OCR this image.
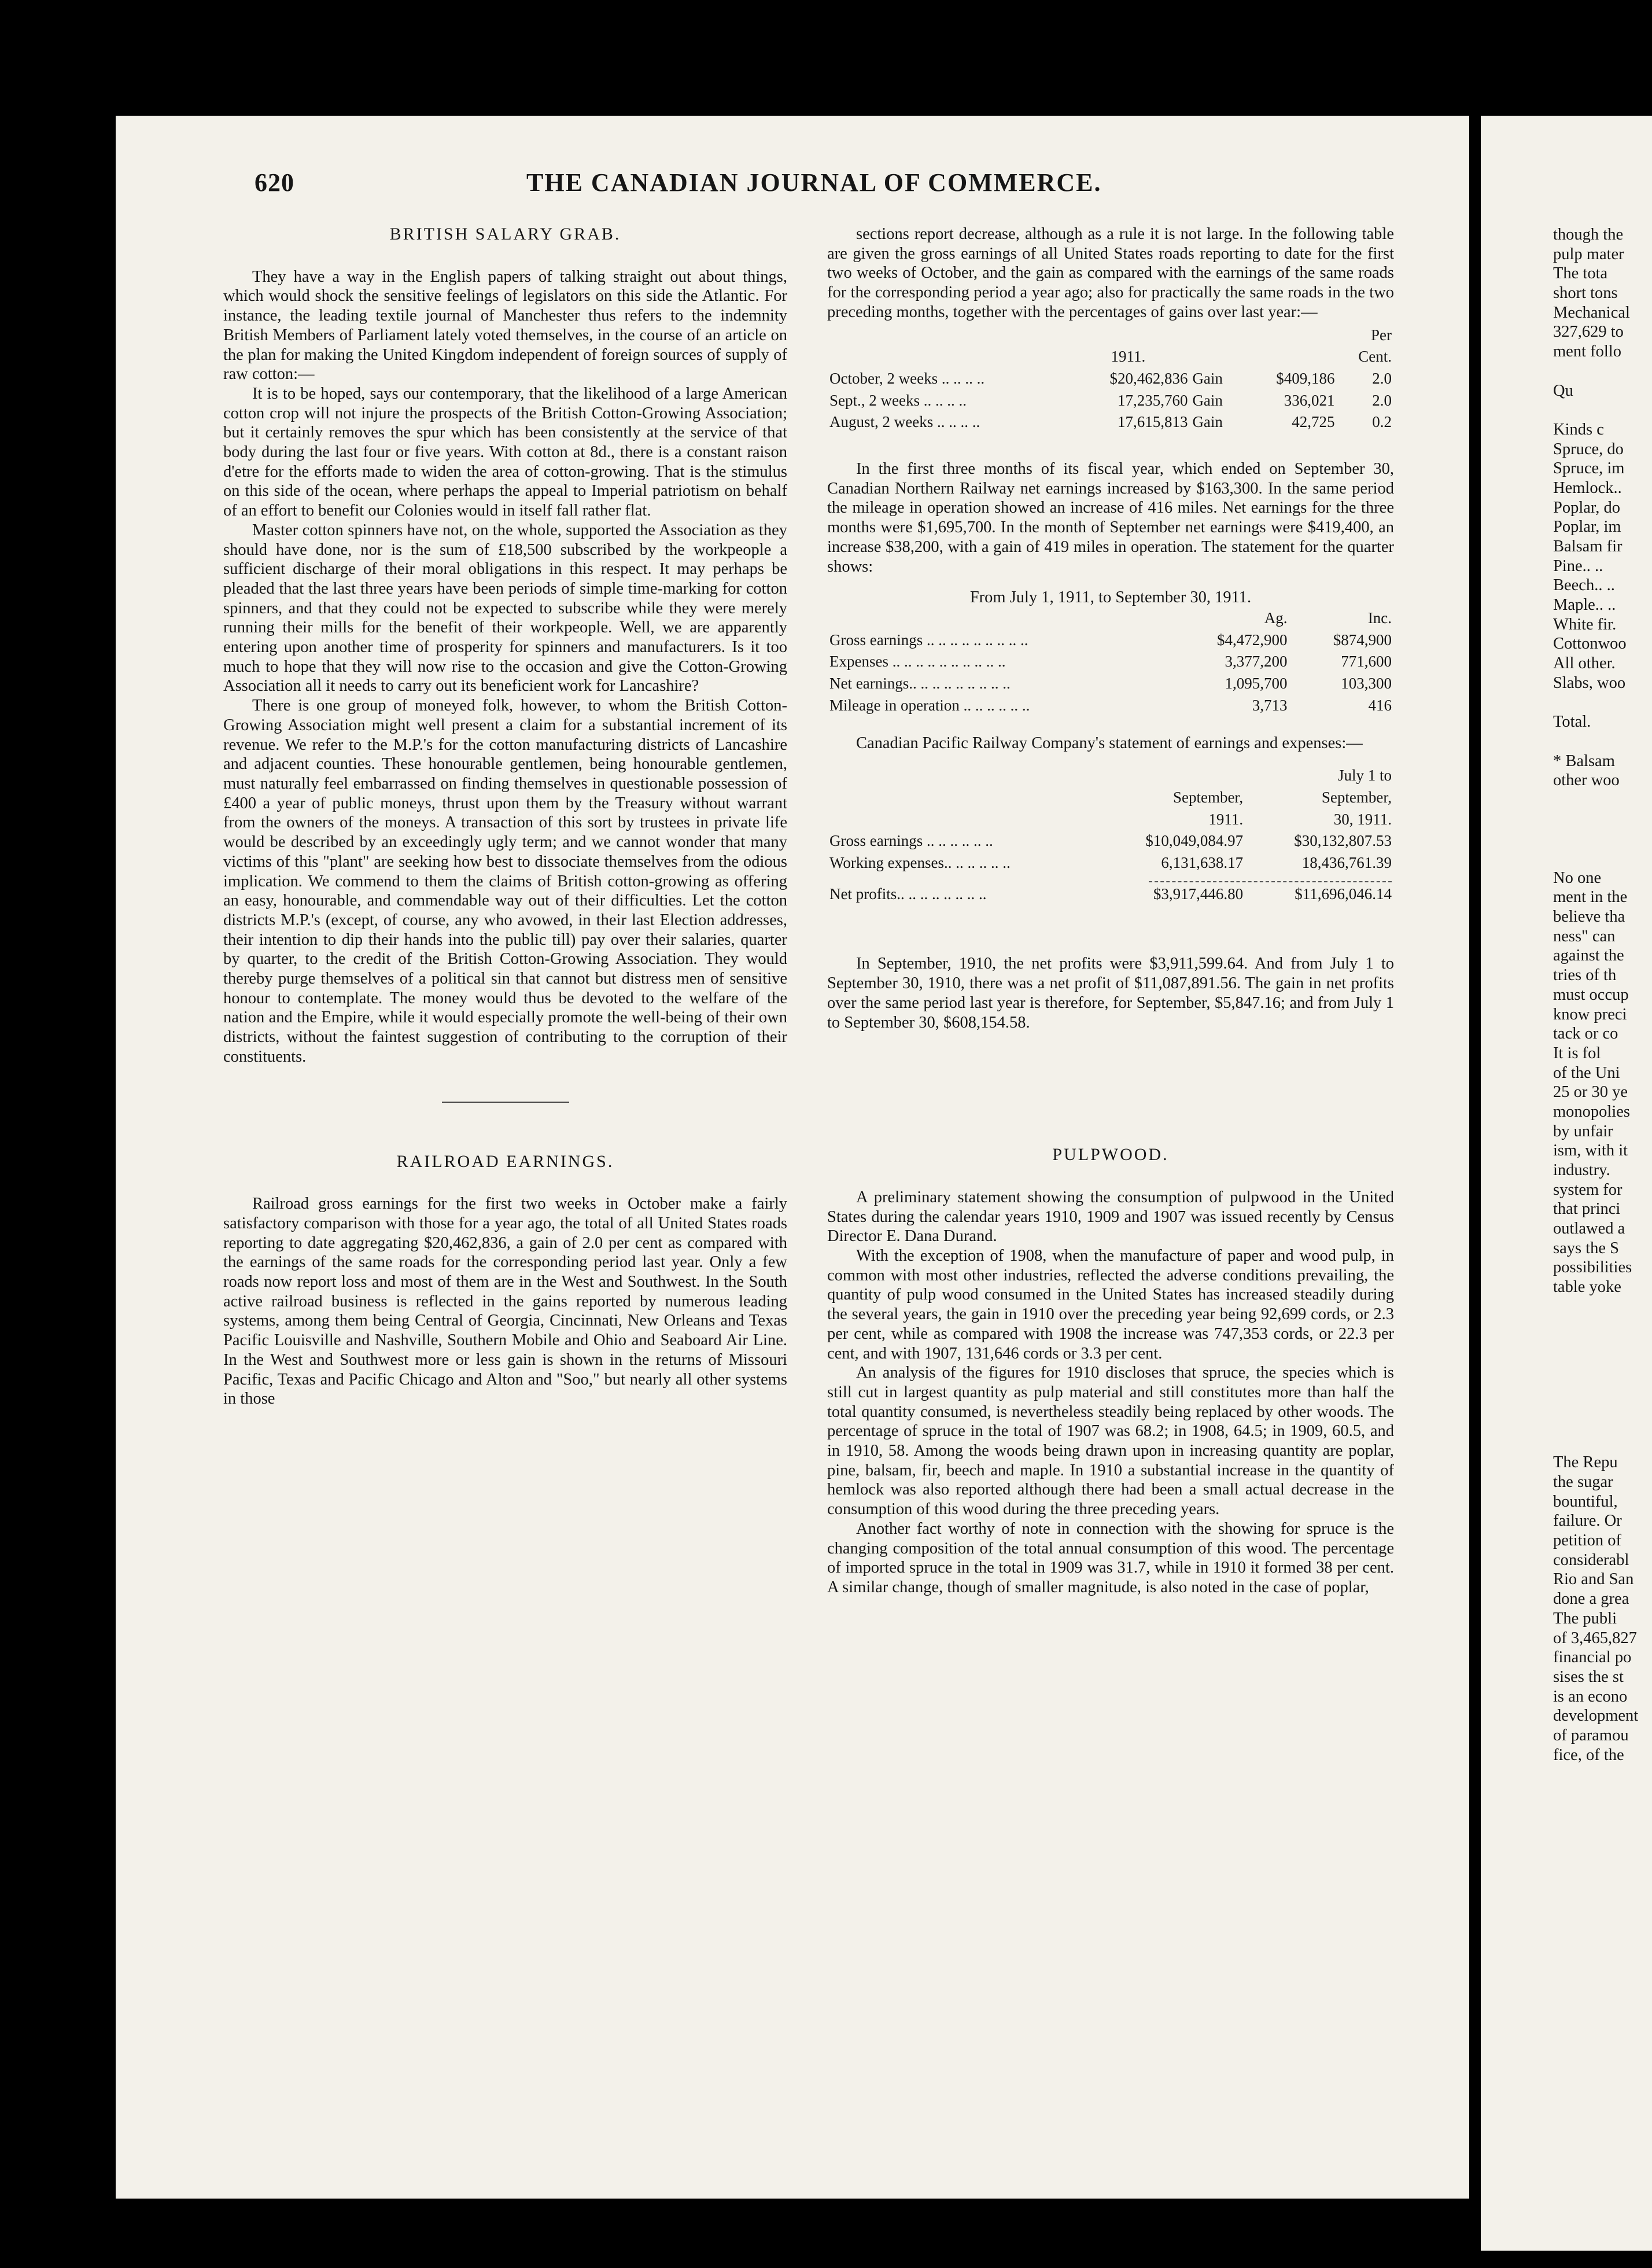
620	THE CANADIAN JOURNAL OF COMMERCE.
BRITISH SALARY GRAB.

They have a way in the English papers of talking straight out about things, which would shock the sensitive feelings of legislators on this side the Atlantic. For instance, the leading textile journal of Manchester thus refers to the indemnity British Members of Parliament lately voted themselves, in the course of an article on the plan for making the United Kingdom independent of foreign sources of supply of raw cotton:—

It is to be hoped, says our contemporary, that the likelihood of a large American cotton crop will not injure the prospects of the British Cotton-Growing Association; but it certainly removes the spur which has been consistently at the service of that body during the last four or five years. With cotton at 8d., there is a constant raison d'etre for the efforts made to widen the area of cotton-growing. That is the stimulus on this side of the ocean, where perhaps the appeal to Imperial patriotism on behalf of an effort to benefit our Colonies would in itself fall rather flat.

Master cotton spinners have not, on the whole, supported the Association as they should have done, nor is the sum of £18,500 subscribed by the workpeople a sufficient discharge of their moral obligations in this respect. It may perhaps be pleaded that the last three years have been periods of simple time-marking for cotton spinners, and that they could not be expected to subscribe while they were merely running their mills for the benefit of their workpeople. Well, we are apparently entering upon another time of prosperity for spinners and manufacturers. Is it too much to hope that they will now rise to the occasion and give the Cotton-Growing Association all it needs to carry out its beneficient work for Lancashire?

There is one group of moneyed folk, however, to whom the British Cotton-Growing Association might well present a claim for a substantial increment of its revenue. We refer to the M.P.'s for the cotton manufacturing districts of Lancashire and adjacent counties. These honourable gentlemen, being honourable gentlemen, must naturally feel embarrassed on finding themselves in questionable possession of £400 a year of public moneys, thrust upon them by the Treasury without warrant from the owners of the moneys. A transaction of this sort by trustees in private life would be described by an exceedingly ugly term; and we cannot wonder that many victims of this "plant" are seeking how best to dissociate themselves from the odious implication. We commend to them the claims of British cotton-growing as offering an easy, honourable, and commendable way out of their difficulties. Let the cotton districts M.P.'s (except, of course, any who avowed, in their last Election addresses, their intention to dip their hands into the public till) pay over their salaries, quarter by quarter, to the credit of the British Cotton-Growing Association. They would thereby purge themselves of a political sin that cannot but distress men of sensitive honour to contemplate. The money would thus be devoted to the welfare of the nation and the Empire, while it would especially promote the well-being of their own districts, without the faintest suggestion of contributing to the corruption of their constituents.

RAILROAD EARNINGS.

Railroad gross earnings for the first two weeks in October make a fairly satisfactory comparison with those for a year ago, the total of all United States roads reporting to date aggregating $20,462,836, a gain of 2.0 per cent as compared with the earnings of the same roads for the corresponding period last year. Only a few roads now report loss and most of them are in the West and Southwest. In the South active railroad business is reflected in the gains reported by numerous leading systems, among them being Central of Georgia, Cincinnati, New Orleans and Texas Pacific Louisville and Nashville, Southern Mobile and Ohio and Seaboard Air Line. In the West and Southwest more or less gain is shown in the returns of Missouri Pacific, Texas and Pacific Chicago and Alton and "Soo," but nearly all other systems in those

sections report decrease, although as a rule it is not large. In the following table are given the gross earnings of all United States roads reporting to date for the first two weeks of October, and the gain as compared with the earnings of the same roads for the corresponding period a year ago; also for practically the same roads in the two preceding months, together with the percentages of gains over last year:—

				Per
	1911.			Cent.
October, 2 weeks .. .. .. ..	$20,462,836	Gain	$409,186	2.0
Sept., 2 weeks .. .. .. ..	17,235,760	Gain	336,021	2.0
August, 2 weeks .. .. .. ..	17,615,813	Gain	42,725	0.2

In the first three months of its fiscal year, which ended on September 30, Canadian Northern Railway net earnings increased by $163,300. In the same period the mileage in operation showed an increase of 416 miles. Net earnings for the three months were $1,695,700. In the month of September net earnings were $419,400, an increase $38,200, with a gain of 419 miles in operation. The statement for the quarter shows:

From July 1, 1911, to September 30, 1911.
	Ag.	Inc.
Gross earnings .. .. .. .. .. .. .. .. ..	$4,472,900	$874,900
Expenses .. .. .. .. .. .. .. .. .. ..	3,377,200	771,600
Net earnings.. .. .. .. .. .. .. .. ..	1,095,700	103,300
Mileage in operation .. .. .. .. .. ..	3,713	416

Canadian Pacific Railway Company's statement of earnings and expenses:—

		July 1 to
	September,	September,
	1911.	30, 1911.
Gross earnings .. .. .. .. .. ..	$10,049,084.97	$30,132,807.53
Working expenses.. .. .. .. .. ..	6,131,638.17	18,436,761.39

Net profits.. .. .. .. .. .. .. ..	$3,917,446.80	$11,696,046.14

In September, 1910, the net profits were $3,911,599.64. And from July 1 to September 30, 1910, there was a net profit of $11,087,891.56. The gain in net profits over the same period last year is therefore, for September, $5,847.16; and from July 1 to September 30, $608,154.58.

PULPWOOD.

A preliminary statement showing the consumption of pulpwood in the United States during the calendar years 1910, 1909 and 1907 was issued recently by Census Director E. Dana Durand.

With the exception of 1908, when the manufacture of paper and wood pulp, in common with most other industries, reflected the adverse conditions prevailing, the quantity of pulp wood consumed in the United States has increased steadily during the several years, the gain in 1910 over the preceding year being 92,699 cords, or 2.3 per cent, while as compared with 1908 the increase was 747,353 cords, or 22.3 per cent, and with 1907, 131,646 cords or 3.3 per cent.

An analysis of the figures for 1910 discloses that spruce, the species which is still cut in largest quantity as pulp material and still constitutes more than half the total quantity consumed, is nevertheless steadily being replaced by other woods. The percentage of spruce in the total of 1907 was 68.2; in 1908, 64.5; in 1909, 60.5, and in 1910, 58. Among the woods being drawn upon in increasing quantity are poplar, pine, balsam, fir, beech and maple. In 1910 a substantial increase in the quantity of hemlock was also reported although there had been a small actual decrease in the consumption of this wood during the three preceding years.

Another fact worthy of note in connection with the showing for spruce is the changing composition of the total annual consumption of this wood. The percentage of imported spruce in the total in 1909 was 31.7, while in 1910 it formed 38 per cent. A similar change, though of smaller magnitude, is also noted in the case of poplar,

though the
pulp mater
The tota
short tons
Mechanical
327,629 to
ment follo
Qu
Kinds c
Spruce, do
Spruce, im
Hemlock..
Poplar, do
Poplar, im
Balsam fir
Pine.. ..
Beech.. ..
Maple.. ..
White fir.
Cottonwoo
All other.
Slabs, woo
Total.
* Balsam
other woo
No one
ment in the
believe tha
ness" can
against the
tries of th
must occup
know preci
tack or co
It is fol
of the Uni
25 or 30 ye
monopolies
by unfair
ism, with it
industry.
system for
that princi
outlawed a
says the S
possibilities
table yoke
The Repu
the sugar
bountiful,
failure. Or
petition of
considerabl
Rio and San
done a grea
The publi
of 3,465,827
financial po
sises the st
is an econo
development
of paramou
fice, of the
